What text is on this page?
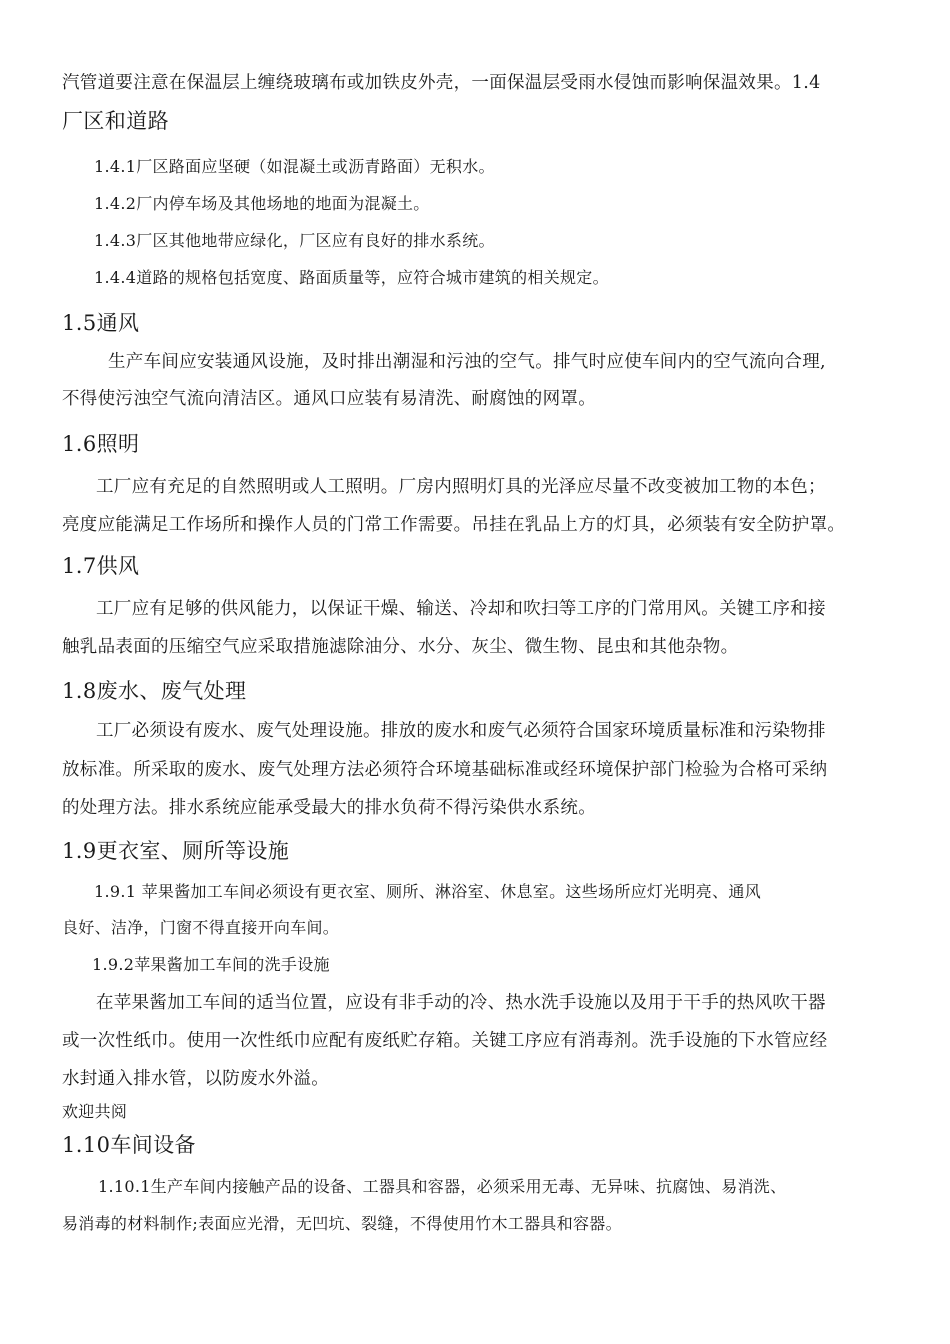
汽管道要注意在保温层上缠绕玻璃布或加铁皮外壳，一面保温层受雨水侵蚀而影响保温效果。1.4
厂区和道路
1.4.1厂区路面应坚硬（如混凝土或沥青路面）无积水。
1.4.2厂内停车场及其他场地的地面为混凝土。
1.4.3厂区其他地带应绿化，厂区应有良好的排水系统。
1.4.4道路的规格包括宽度、路面质量等，应符合城市建筑的相关规定。
1.5通风
生产车间应安装通风设施，及时排出潮湿和污浊的空气。排气时应使车间内的空气流向合理,
不得使污浊空气流向清洁区。通风口应装有易清洗、耐腐蚀的网罩。
1.6照明
工厂应有充足的自然照明或人工照明。厂房内照明灯具的光泽应尽量不改变被加工物的本色；
亮度应能满足工作场所和操作人员的门常工作需要。吊挂在乳品上方的灯具，必须装有安全防护罩。
1.7供风
工厂应有足够的供风能力，以保证干燥、输送、冷却和吹扫等工序的门常用风。关键工序和接
触乳品表面的压缩空气应采取措施滤除油分、水分、灰尘、微生物、昆虫和其他杂物。
1.8废水、废气处理
工厂必须设有废水、废气处理设施。排放的废水和废气必须符合国家环境质量标准和污染物排
放标准。所采取的废水、废气处理方法必须符合环境基础标准或经环境保护部门检验为合格可采纳
的处理方法。排水系统应能承受最大的排水负荷不得污染供水系统。
1.9更衣室、厕所等设施
1.9.1 苹果酱加工车间必须设有更衣室、厕所、淋浴室、休息室。这些场所应灯光明亮、通风
良好、洁净，门窗不得直接开向车间。
1.9.2苹果酱加工车间的洗手设施
在苹果酱加工车间的适当位置，应设有非手动的冷、热水洗手设施以及用于干手的热风吹干器
或一次性纸巾。使用一次性纸巾应配有废纸贮存箱。关键工序应有消毒剂。洗手设施的下水管应经
水封通入排水管，以防废水外溢。
欢迎共阅
1.10车间设备
1.10.1生产车间内接触产品的设备、工器具和容器，必须采用无毒、无异味、抗腐蚀、易消洗、
易消毒的材料制作;表面应光滑，无凹坑、裂缝，不得使用竹木工器具和容器。
